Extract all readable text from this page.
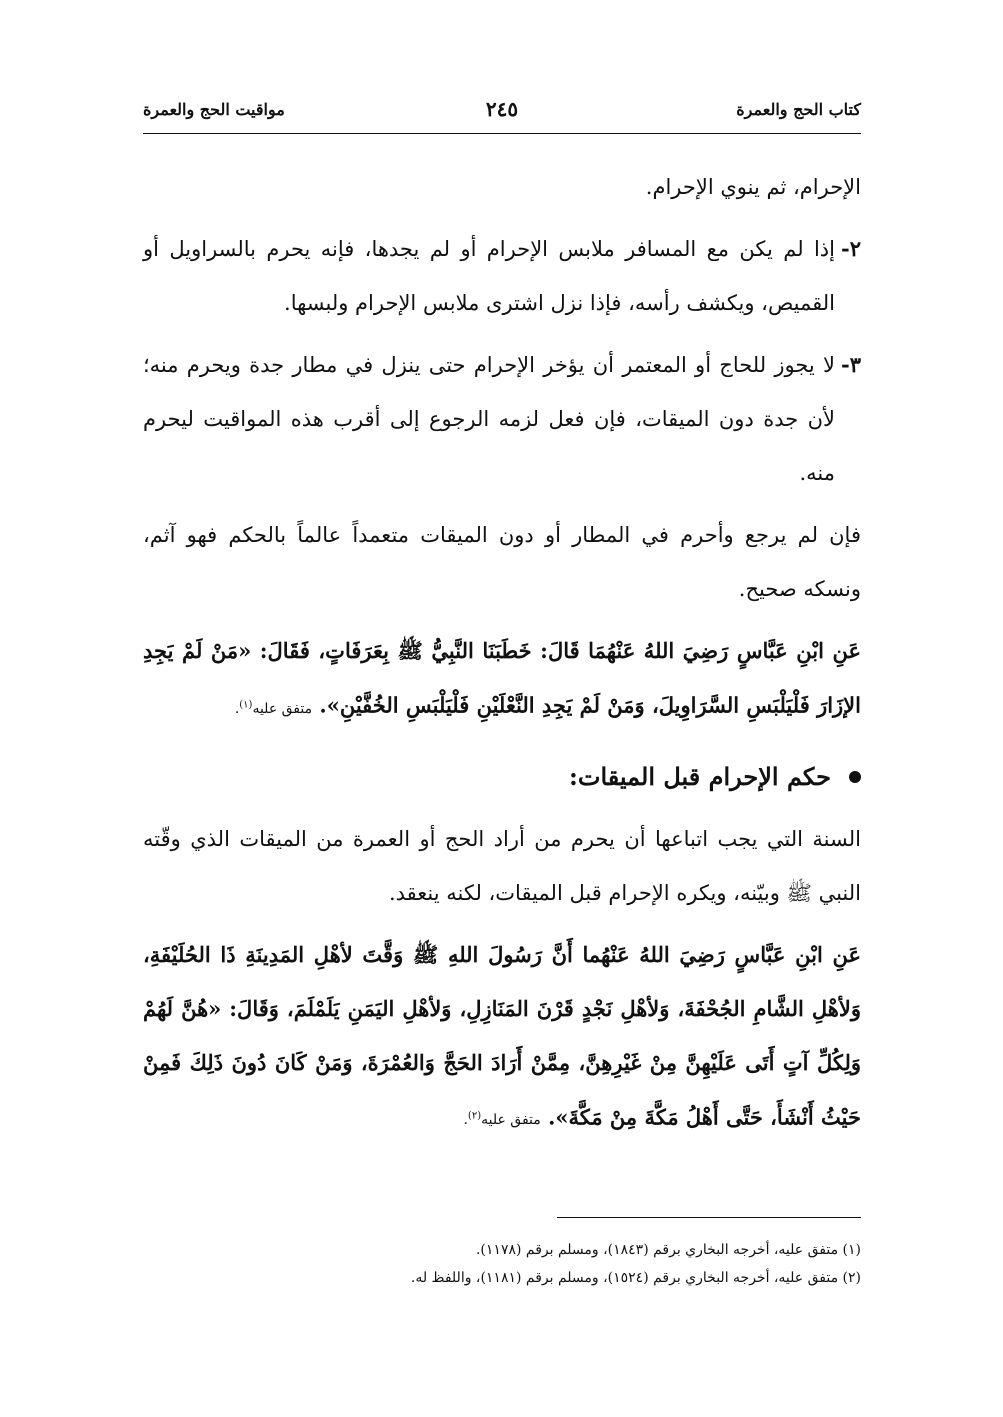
كتاب الحج والعمرة
٢٤٥
مواقيت الحج والعمرة

الإحرام، ثم ينوي الإحرام.

٢-
إذا لم يكن مع المسافر ملابس الإحرام أو لم يجدها، فإنه يحرم بالسراويل أو القميص، ويكشف رأسه، فإذا نزل اشترى ملابس الإحرام ولبسها.
٣-
لا يجوز للحاج أو المعتمر أن يؤخر الإحرام حتى ينزل في مطار جدة ويحرم منه؛ لأن جدة دون الميقات، فإن فعل لزمه الرجوع إلى أقرب هذه المواقيت ليحرم منه.

فإن لم يرجع وأحرم في المطار أو دون الميقات متعمداً عالماً بالحكم فهو آثم، ونسكه صحيح.

عَنِ ابْنِ عَبَّاسٍ رَضِيَ اللهُ عَنْهُمَا قَالَ: خَطَبَنَا النَّبِيُّ ﷺ بِعَرَفَاتٍ، فَقَالَ: «مَنْ لَمْ يَجِدِ الإزَارَ فَلْيَلْبَسِ السَّرَاوِيلَ، وَمَنْ لَمْ يَجِدِ النَّعْلَيْنِ فَلْيَلْبَسِ الخُفَّيْنِ». متفق عليه$^{(١)}$.

حكم الإحرام قبل الميقات:

السنة التي يجب اتباعها أن يحرم من أراد الحج أو العمرة من الميقات الذي وقّته النبي ﷺ وبيّنه، ويكره الإحرام قبل الميقات، لكنه ينعقد.

عَنِ ابْنِ عَبَّاسٍ رَضِيَ اللهُ عَنْهُما أَنَّ رَسُولَ اللهِ ﷺ وَقَّتَ لأهْلِ المَدِينَةِ ذَا الحُلَيْفَةِ، وَلأهْلِ الشَّامِ الجُحْفَةَ، وَلأهْلِ نَجْدٍ قَرْنَ المَنَازِلِ، وَلأهْلِ اليَمَنِ يَلَمْلَمَ، وَقَالَ: «هُنَّ لَهُمْ وَلِكُلِّ آتٍ أَتَى عَلَيْهِنَّ مِنْ غَيْرِهِنَّ، مِمَّنْ أَرَادَ الحَجَّ وَالعُمْرَةَ، وَمَنْ كَانَ دُونَ ذَلِكَ فَمِنْ حَيْثُ أَنْشَأَ، حَتَّى أَهْلُ مَكَّةَ مِنْ مَكَّةَ». متفق عليه$^{(٢)}$.

(١) متفق عليه، أخرجه البخاري برقم (١٨٤٣)، ومسلم برقم (١١٧٨).

(٢) متفق عليه، أخرجه البخاري برقم (١٥٢٤)، ومسلم برقم (١١٨١)، واللفظ له.
